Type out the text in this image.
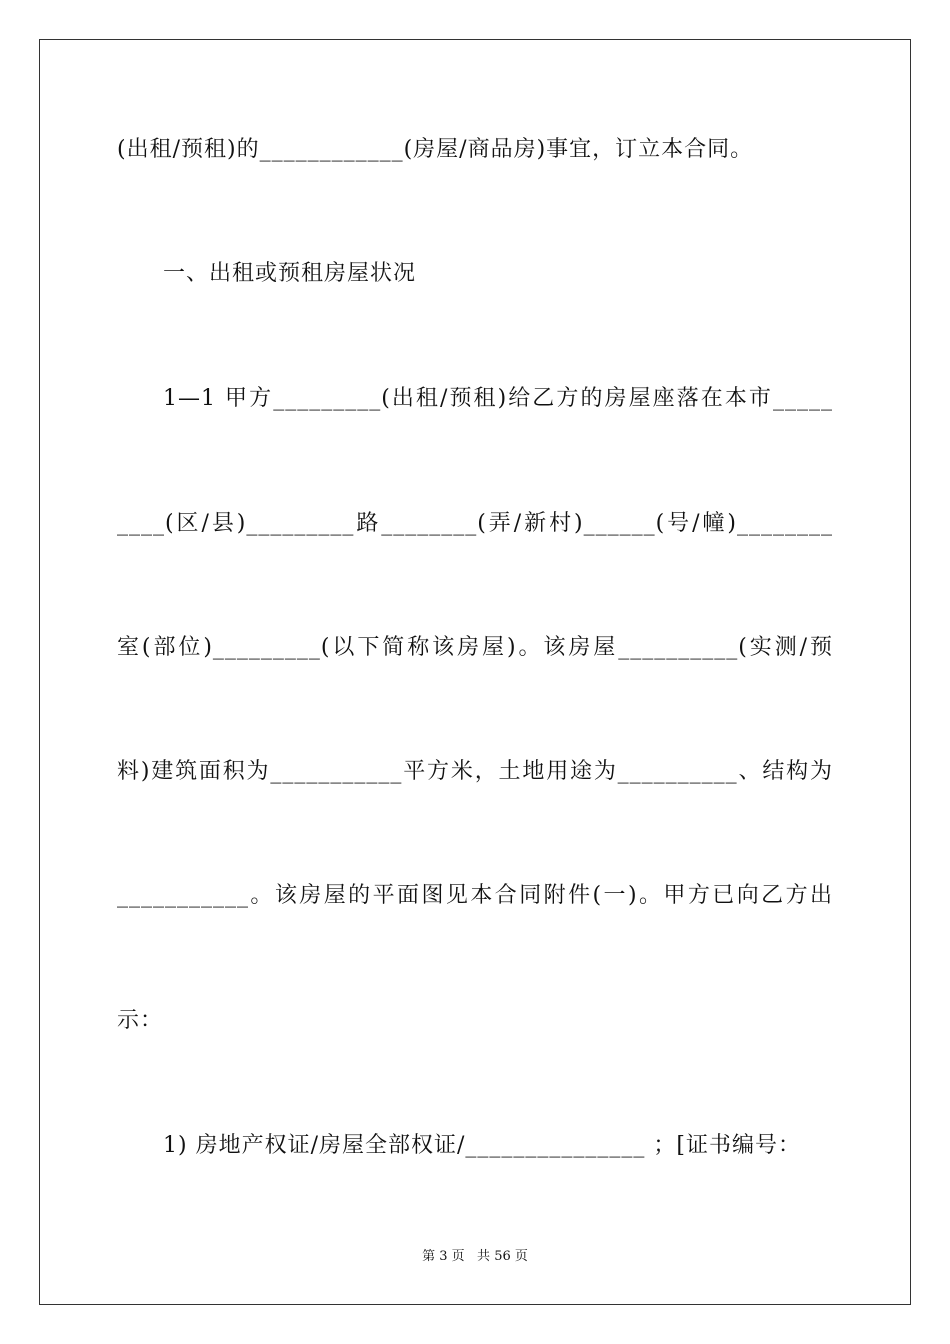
(出租/预租)的____________(房屋/商品房)事宜，订立本合同。
一、出租或预租房屋状况
1—1 甲方_________(出租/预租)给乙方的房屋座落在本市_____
____(区/县)_________路________(弄/新村)______(号/幢)________
室(部位)_________(以下简称该房屋)。该房屋__________(实测/预
料)建筑面积为___________平方米，土地用途为__________、结构为
___________。该房屋的平面图见本合同附件(一)。甲方已向乙方出
示：
1) 房地产权证/房屋全部权证/_______________ ；[证书编号：
第 3 页   共 56 页
